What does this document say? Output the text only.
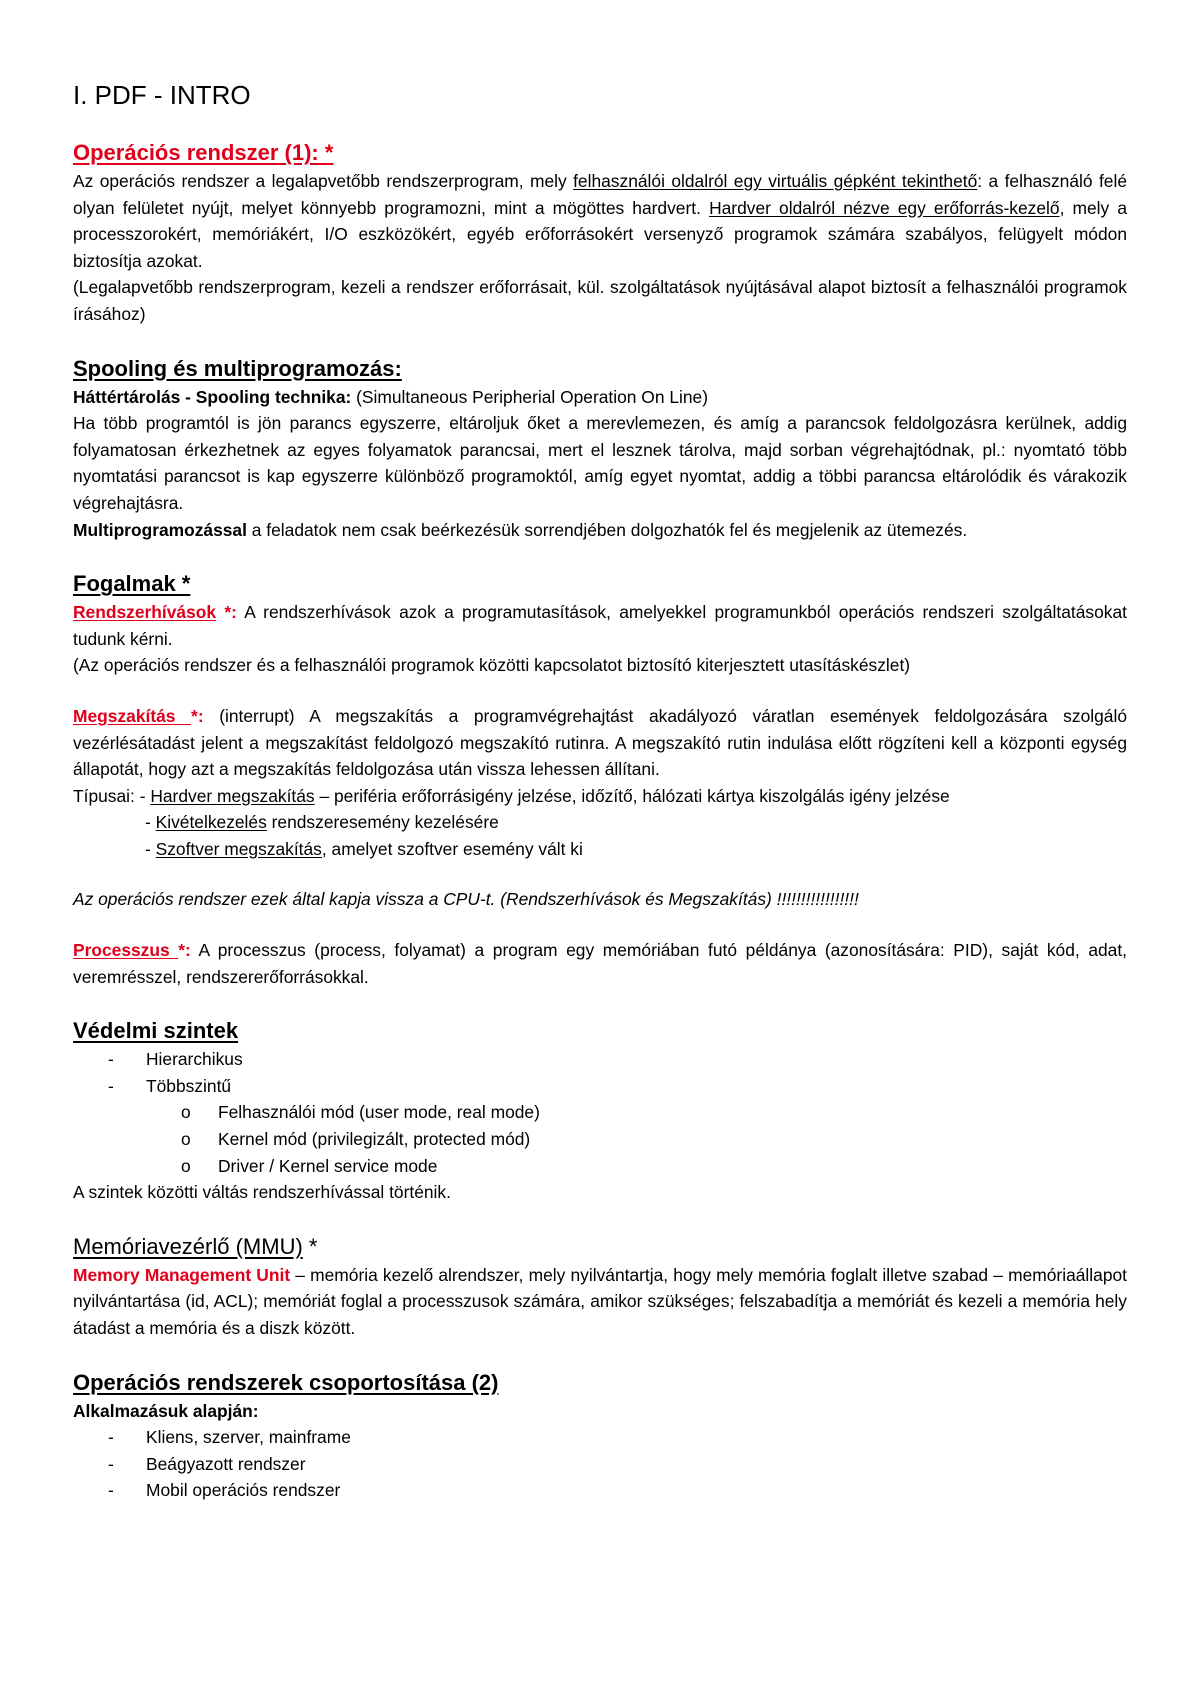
I. PDF - INTRO
Operációs rendszer (1): *

Az operációs rendszer a legalapvetőbb rendszerprogram, mely felhasználói oldalról egy virtuális gépként tekinthető: a felhasználó felé olyan felületet nyújt, melyet könnyebb programozni, mint a mögöttes hardvert. Hardver oldalról nézve egy erőforrás-kezelő, mely a processzorokért, memóriákért, I/O eszközökért, egyéb erőforrásokért versenyző programok számára szabályos, felügyelt módon biztosítja azokat.

(Legalapvetőbb rendszerprogram, kezeli a rendszer erőforrásait, kül. szolgáltatások nyújtásával alapot biztosít a felhasználói programok írásához)

Spooling és multiprogramozás:

Háttértárolás - Spooling technika: (Simultaneous Peripherial Operation On Line)

Ha több programtól is jön parancs egyszerre, eltároljuk őket a merevlemezen, és amíg a parancsok feldolgozásra kerülnek, addig folyamatosan érkezhetnek az egyes folyamatok parancsai, mert el lesznek tárolva, majd sorban végrehajtódnak, pl.: nyomtató több nyomtatási parancsot is kap egyszerre különböző programoktól, amíg egyet nyomtat, addig a többi parancsa eltárolódik és várakozik végrehajtásra.

Multiprogramozással a feladatok nem csak beérkezésük sorrendjében dolgozhatók fel és megjelenik az ütemezés.

Fogalmak *

Rendszerhívások *: A rendszerhívások azok a programutasítások, amelyekkel programunkból operációs rendszeri szolgáltatásokat tudunk kérni.

(Az operációs rendszer és a felhasználói programok közötti kapcsolatot biztosító kiterjesztett utasításkészlet)

Megszakítás *: (interrupt) A megszakítás a programvégrehajtást akadályozó váratlan események feldolgozására szolgáló vezérlésátadást jelent a megszakítást feldolgozó megszakító rutinra. A megszakító rutin indulása előtt rögzíteni kell a központi egység állapotát, hogy azt a megszakítás feldolgozása után vissza lehessen állítani.

Típusai: - Hardver megszakítás – periféria erőforrásigény jelzése, időzítő, hálózati kártya kiszolgálás igény jelzése

- Kivételkezelés rendszeresemény kezelésére

- Szoftver megszakítás, amelyet szoftver esemény vált ki

Az operációs rendszer ezek által kapja vissza a CPU-t. (Rendszerhívások és Megszakítás) !!!!!!!!!!!!!!!!!

Processzus *: A processzus (process, folyamat) a program egy memóriában futó példánya (azonosítására: PID), saját kód, adat, veremrésszel, rendszererőforrásokkal.

Védelmi szintek
- Hierarchikus
- Többszintű
o Felhasználói mód (user mode, real mode)
o Kernel mód (privilegizált, protected mód)
o Driver / Kernel service mode

A szintek közötti váltás rendszerhívással történik.

Memóriavezérlő (MMU) *

Memory Management Unit – memória kezelő alrendszer, mely nyilvántartja, hogy mely memória foglalt illetve szabad – memóriaállapot nyilvántartása (id, ACL); memóriát foglal a processzusok számára, amikor szükséges; felszabadítja a memóriát és kezeli a memória hely átadást a memória és a diszk között.

Operációs rendszerek csoportosítása (2)

Alkalmazásuk alapján:

- Kliens, szerver, mainframe
- Beágyazott rendszer
- Mobil operációs rendszer
